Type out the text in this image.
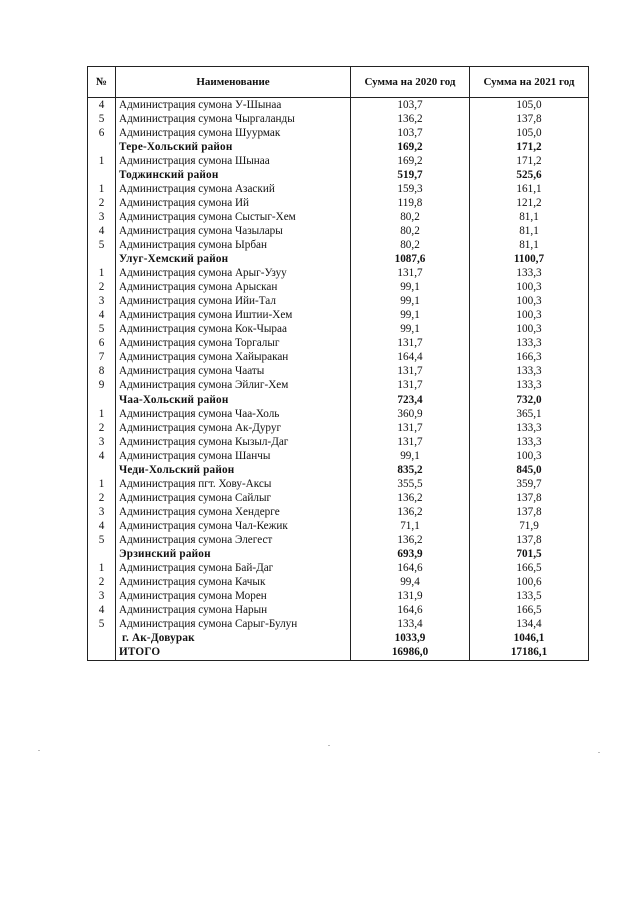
№	Наименование	Сумма на 2020 год	Сумма на 2021 год
4	Администрация сумона У-Шынаа	103,7	105,0
5	Администрация сумона Чыргаланды	136,2	137,8
6	Администрация сумона Шуурмак	103,7	105,0
	Тере-Хольский район	169,2	171,2
1	Администрация сумона Шынаа	169,2	171,2
	Тоджинский район	519,7	525,6
1	Администрация сумона Азаский	159,3	161,1
2	Администрация сумона Ий	119,8	121,2
3	Администрация сумона Сыстыг-Хем	80,2	81,1
4	Администрация сумона Чазылары	80,2	81,1
5	Администрация сумона Ырбан	80,2	81,1
	Улуг-Хемский район	1087,6	1100,7
1	Администрация сумона Арыг-Узуу	131,7	133,3
2	Администрация сумона Арыскан	99,1	100,3
3	Администрация сумона Ийи-Тал	99,1	100,3
4	Администрация сумона Иштии-Хем	99,1	100,3
5	Администрация сумона Кок-Чыраа	99,1	100,3
6	Администрация сумона Торгалыг	131,7	133,3
7	Администрация сумона Хайыракан	164,4	166,3
8	Администрация сумона Чааты	131,7	133,3
9	Администрация сумона Эйлиг-Хем	131,7	133,3
	Чаа-Хольский район	723,4	732,0
1	Администрация сумона Чаа-Холь	360,9	365,1
2	Администрация сумона Ак-Дуруг	131,7	133,3
3	Администрация сумона Кызыл-Даг	131,7	133,3
4	Администрация сумона Шанчы	99,1	100,3
	Чеди-Хольский район	835,2	845,0
1	Администрация пгт. Хову-Аксы	355,5	359,7
2	Администрация сумона Сайлыг	136,2	137,8
3	Администрация сумона Хендерге	136,2	137,8
4	Администрация сумона Чал-Кежик	71,1	71,9
5	Администрация сумона Элегест	136,2	137,8
	Эрзинский район	693,9	701,5
1	Администрация сумона Бай-Даг	164,6	166,5
2	Администрация сумона Качык	99,4	100,6
3	Администрация сумона Морен	131,9	133,5
4	Администрация сумона Нарын	164,6	166,5
5	Администрация сумона Сарыг-Булун	133,4	134,4
	г. Ак-Довурак	1033,9	1046,1
	ИТОГО	16986,0	17186,1
